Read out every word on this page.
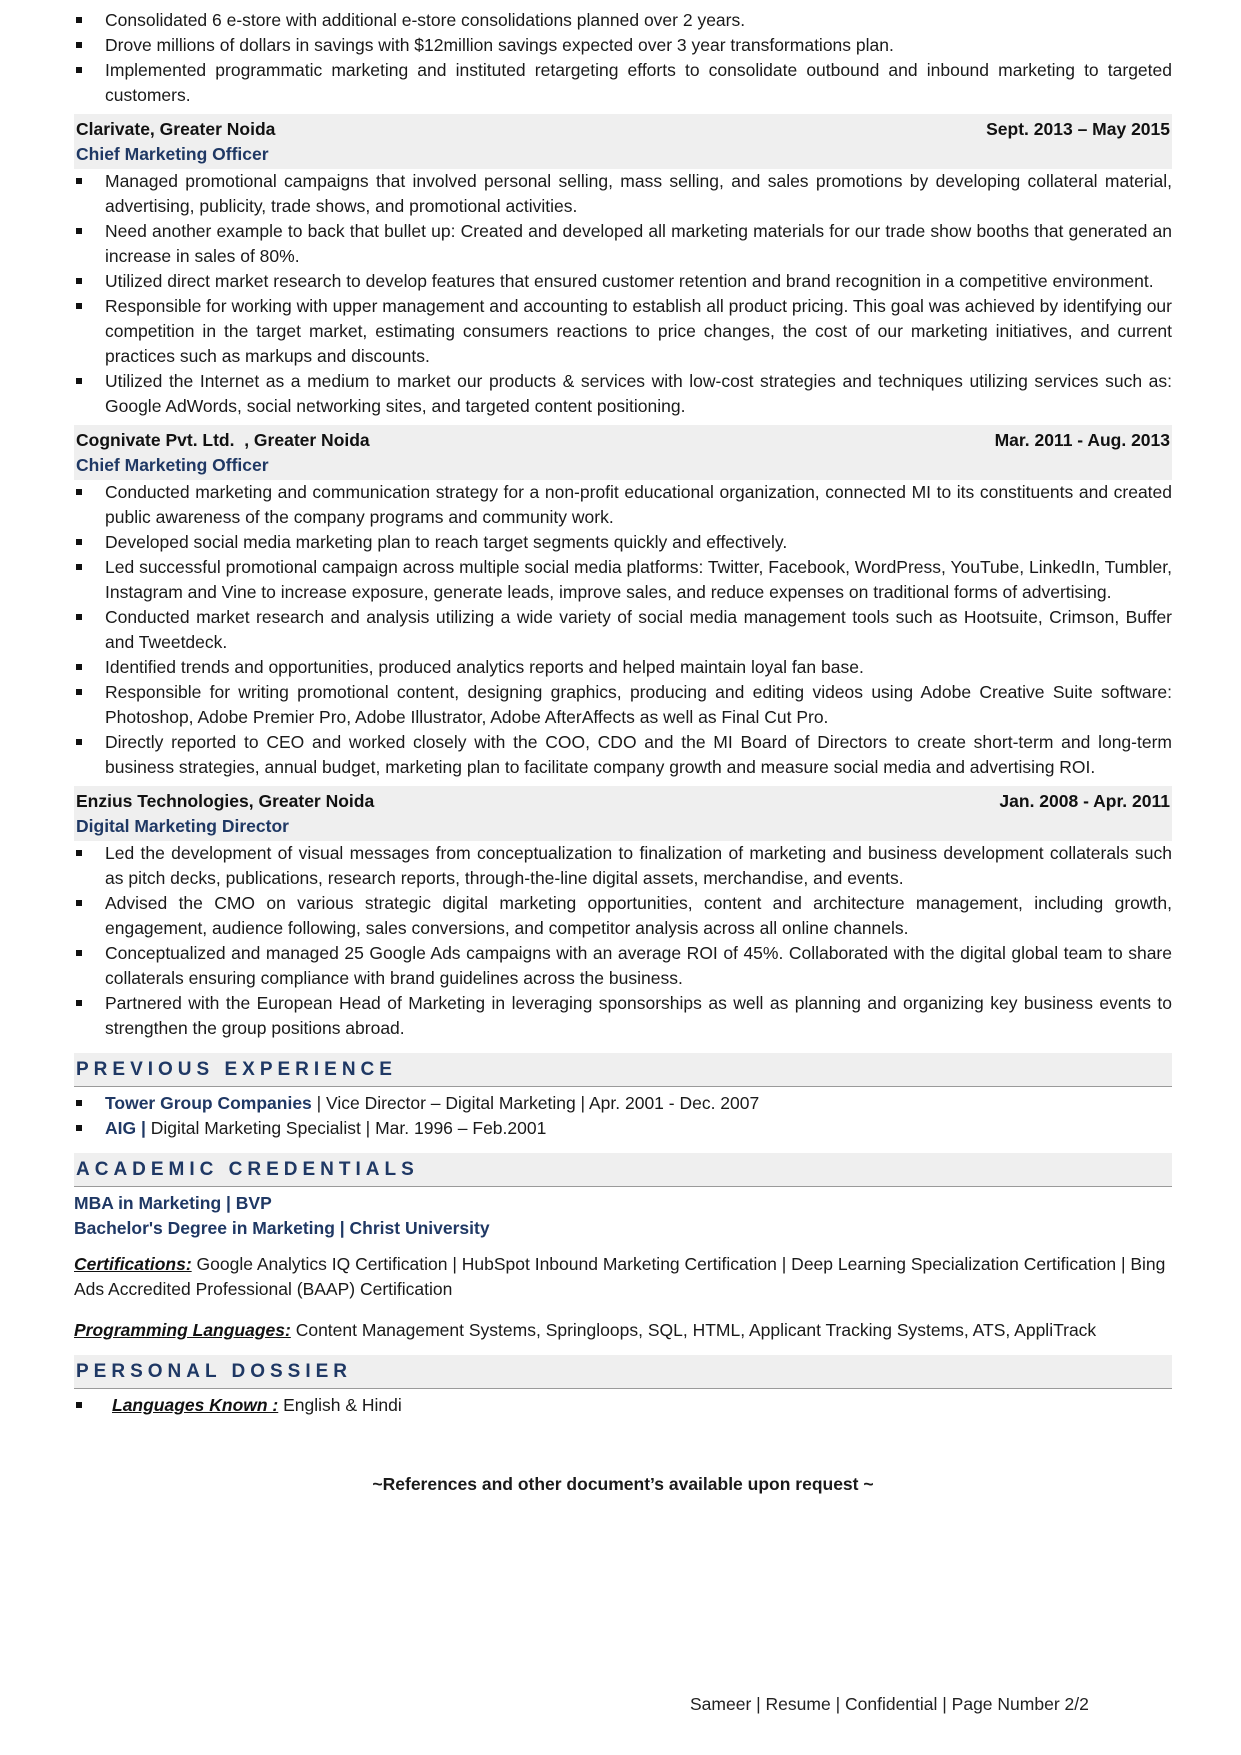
Consolidated 6 e-store with additional e-store consolidations planned over 2 years.
Drove millions of dollars in savings with $12million savings expected over 3 year transformations plan.
Implemented programmatic marketing and instituted retargeting efforts to consolidate outbound and inbound marketing to targeted customers.
Clarivate, Greater Noida	Sept. 2013 – May 2015
Chief Marketing Officer
Managed promotional campaigns that involved personal selling, mass selling, and sales promotions by developing collateral material, advertising, publicity, trade shows, and promotional activities.
Need another example to back that bullet up: Created and developed all marketing materials for our trade show booths that generated an increase in sales of 80%.
Utilized direct market research to develop features that ensured customer retention and brand recognition in a competitive environment.
Responsible for working with upper management and accounting to establish all product pricing. This goal was achieved by identifying our competition in the target market, estimating consumers reactions to price changes, the cost of our marketing initiatives, and current practices such as markups and discounts.
Utilized the Internet as a medium to market our products & services with low-cost strategies and techniques utilizing services such as: Google AdWords, social networking sites, and targeted content positioning.
Cognivate Pvt. Ltd.  , Greater Noida	Mar. 2011 - Aug. 2013
Chief Marketing Officer
Conducted marketing and communication strategy for a non-profit educational organization, connected MI to its constituents and created public awareness of the company programs and community work.
Developed social media marketing plan to reach target segments quickly and effectively.
Led successful promotional campaign across multiple social media platforms: Twitter, Facebook, WordPress, YouTube, LinkedIn, Tumbler, Instagram and Vine to increase exposure, generate leads, improve sales, and reduce expenses on traditional forms of advertising.
Conducted market research and analysis utilizing a wide variety of social media management tools such as Hootsuite, Crimson, Buffer and Tweetdeck.
Identified trends and opportunities, produced analytics reports and helped maintain loyal fan base.
Responsible for writing promotional content, designing graphics, producing and editing videos using Adobe Creative Suite software: Photoshop, Adobe Premier Pro, Adobe Illustrator, Adobe AfterAffects as well as Final Cut Pro.
Directly reported to CEO and worked closely with the COO, CDO and the MI Board of Directors to create short-term and long-term business strategies, annual budget, marketing plan to facilitate company growth and measure social media and advertising ROI.
Enzius Technologies, Greater Noida	Jan. 2008 - Apr. 2011
Digital Marketing Director
Led the development of visual messages from conceptualization to finalization of marketing and business development collaterals such as pitch decks, publications, research reports, through-the-line digital assets, merchandise, and events.
Advised the CMO on various strategic digital marketing opportunities, content and architecture management, including growth, engagement, audience following, sales conversions, and competitor analysis across all online channels.
Conceptualized and managed 25 Google Ads campaigns with an average ROI of 45%. Collaborated with the digital global team to share collaterals ensuring compliance with brand guidelines across the business.
Partnered with the European Head of Marketing in leveraging sponsorships as well as planning and organizing key business events to strengthen the group positions abroad.
PREVIOUS EXPERIENCE
Tower Group Companies | Vice Director – Digital Marketing | Apr. 2001 - Dec. 2007
AIG | Digital Marketing Specialist | Mar. 1996 – Feb.2001
ACADEMIC CREDENTIALS
MBA in Marketing | BVP
Bachelor's Degree in Marketing | Christ University

Certifications: Google Analytics IQ Certification | HubSpot Inbound Marketing Certification | Deep Learning Specialization Certification | Bing Ads Accredited Professional (BAAP) Certification

Programming Languages: Content Management Systems, Springloops, SQL, HTML, Applicant Tracking Systems, ATS, AppliTrack

PERSONAL DOSSIER
Languages Known : English & Hindi
~References and other document’s available upon request ~
Sameer | Resume | Confidential | Page Number 2/2
